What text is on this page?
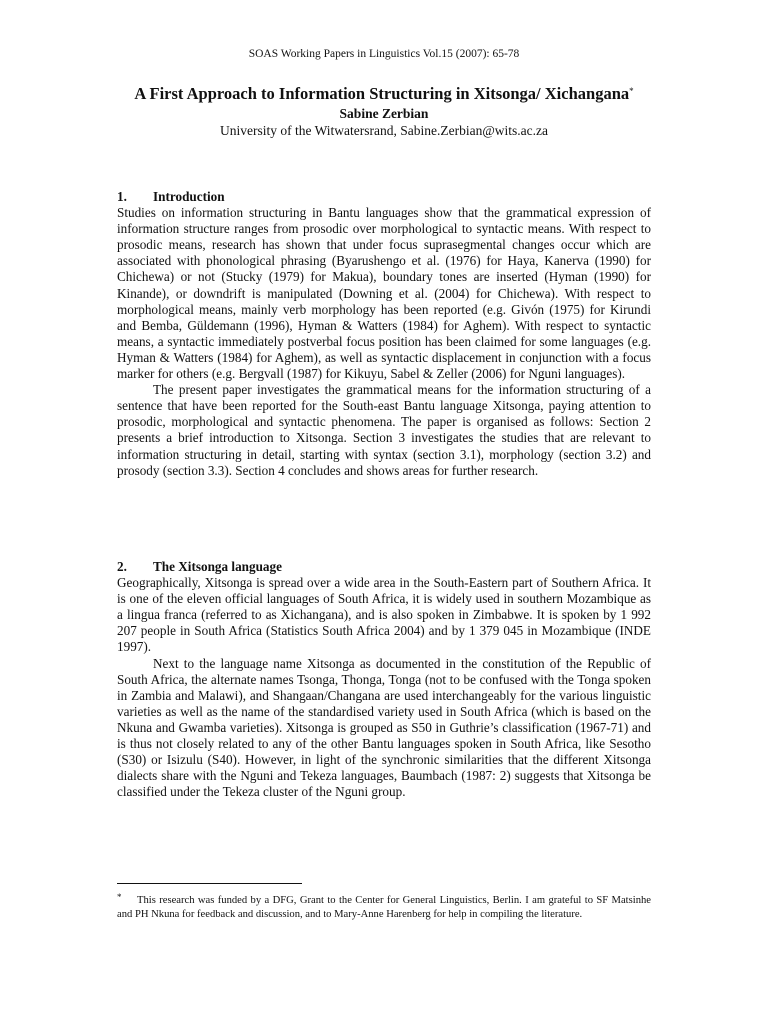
SOAS Working Papers in Linguistics Vol.15 (2007): 65-78

A First Approach to Information Structuring in Xitsonga/ Xichangana*

Sabine Zerbian

University of the Witwatersrand, Sabine.Zerbian@wits.ac.za

1. Introduction

Studies on information structuring in Bantu languages show that the grammatical expression of information structure ranges from prosodic over morphological to syntactic means. With respect to prosodic means, research has shown that under focus suprasegmental changes occur which are associated with phonological phrasing (Byarushengo et al. (1976) for Haya, Kanerva (1990) for Chichewa) or not (Stucky (1979) for Makua), boundary tones are inserted (Hyman (1990) for Kinande), or downdrift is manipulated (Downing et al. (2004) for Chichewa). With respect to morphological means, mainly verb morphology has been reported (e.g. Givón (1975) for Kirundi and Bemba, Güldemann (1996), Hyman & Watters (1984) for Aghem). With respect to syntactic means, a syntactic immediately postverbal focus position has been claimed for some languages (e.g. Hyman & Watters (1984) for Aghem), as well as syntactic displacement in conjunction with a focus marker for others (e.g. Bergvall (1987) for Kikuyu, Sabel & Zeller (2006) for Nguni languages).

The present paper investigates the grammatical means for the information structuring of a sentence that have been reported for the South-east Bantu language Xitsonga, paying attention to prosodic, morphological and syntactic phenomena. The paper is organised as follows: Section 2 presents a brief introduction to Xitsonga. Section 3 investigates the studies that are relevant to information structuring in detail, starting with syntax (section 3.1), morphology (section 3.2) and prosody (section 3.3). Section 4 concludes and shows areas for further research.

2. The Xitsonga language

Geographically, Xitsonga is spread over a wide area in the South-Eastern part of Southern Africa. It is one of the eleven official languages of South Africa, it is widely used in southern Mozambique as a lingua franca (referred to as Xichangana), and is also spoken in Zimbabwe. It is spoken by 1 992 207 people in South Africa (Statistics South Africa 2004) and by 1 379 045 in Mozambique (INDE 1997).

Next to the language name Xitsonga as documented in the constitution of the Republic of South Africa, the alternate names Tsonga, Thonga, Tonga (not to be confused with the Tonga spoken in Zambia and Malawi), and Shangaan/Changana are used interchangeably for the various linguistic varieties as well as the name of the standardised variety used in South Africa (which is based on the Nkuna and Gwamba varieties). Xitsonga is grouped as S50 in Guthrie’s classification (1967-71) and is thus not closely related to any of the other Bantu languages spoken in South Africa, like Sesotho (S30) or Isizulu (S40). However, in light of the synchronic similarities that the different Xitsonga dialects share with the Nguni and Tekeza languages, Baumbach (1987: 2) suggests that Xitsonga be classified under the Tekeza cluster of the Nguni group.

* This research was funded by a DFG, Grant to the Center for General Linguistics, Berlin. I am grateful to SF Matsinhe and PH Nkuna for feedback and discussion, and to Mary-Anne Harenberg for help in compiling the literature.
